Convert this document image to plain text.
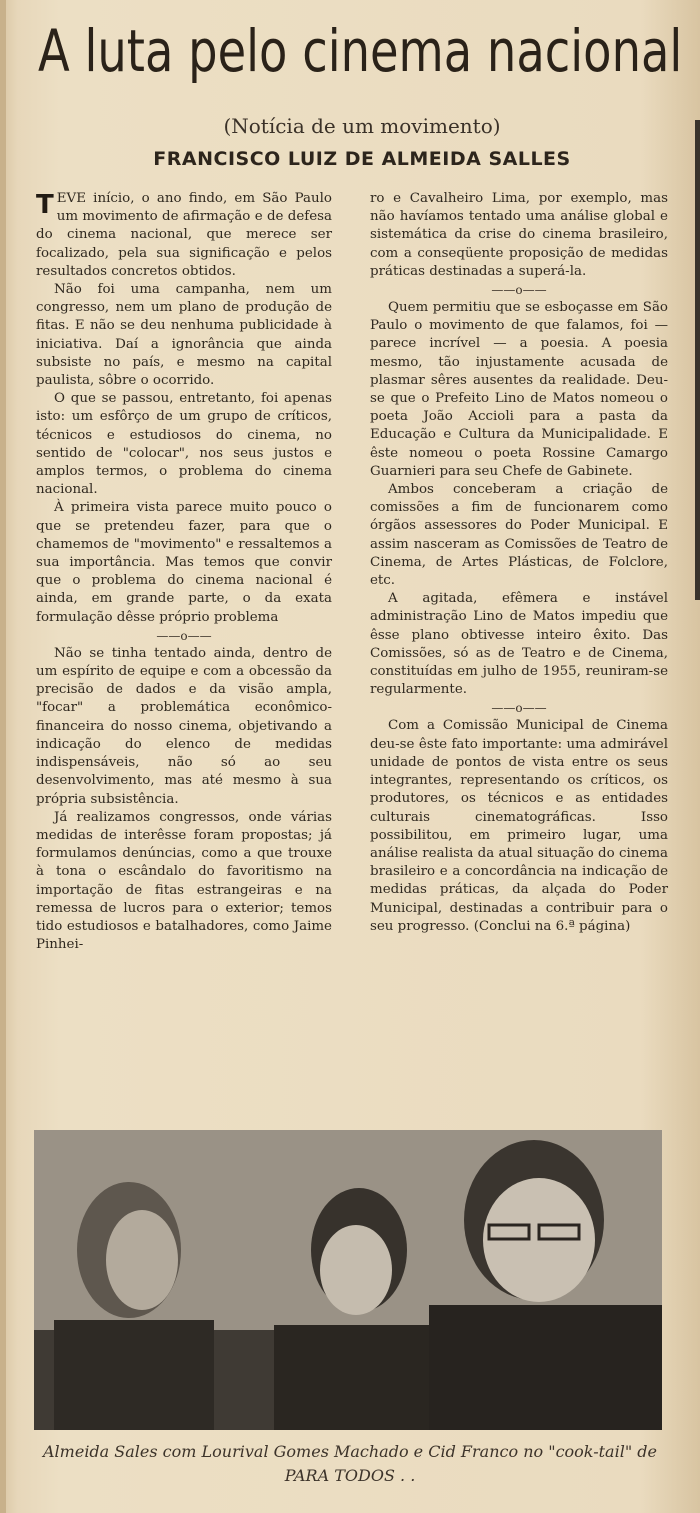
A luta pelo cinema nacional
(Notícia de um movimento)
FRANCISCO LUIZ DE ALMEIDA SALLES

T EVE início, o ano findo, em São Paulo um movimento de afirmação e de defesa do cinema nacional, que merece ser focalizado, pela sua significação e pelos resultados concretos obtidos.

Não foi uma campanha, nem um congresso, nem um plano de produção de fitas. E não se deu nenhuma publicidade à iniciativa. Daí a ignorância que ainda subsiste no país, e mesmo na capital paulista, sôbre o ocorrido.

O que se passou, entretanto, foi apenas isto: um esfôrço de um grupo de críticos, técnicos e estudiosos do cinema, no sentido de "colocar", nos seus justos e amplos termos, o problema do cinema nacional.

À primeira vista parece muito pouco o que se pretendeu fazer, para que o chamemos de "movimento" e ressaltemos a sua importância. Mas temos que convir que o problema do cinema nacional é ainda, em grande parte, o da exata formulação dêsse próprio problema

——o——

Não se tinha tentado ainda, dentro de um espírito de equipe e com a obcessão da precisão de dados e da visão ampla, "focar" a problemática econômico-financeira do nosso cinema, objetivando a indicação do elenco de medidas indispensáveis, não só ao seu desenvolvimento, mas até mesmo à sua própria subsistência.

Já realizamos congressos, onde várias medidas de interêsse foram propostas; já formulamos denúncias, como a que trouxe à tona o escândalo do favoritismo na importação de fitas estrangeiras e na remessa de lucros para o exterior; temos tido estudiosos e batalhadores, como Jaime Pinhei-

ro e Cavalheiro Lima, por exemplo, mas não havíamos tentado uma análise global e sistemática da crise do cinema brasileiro, com a conseqüente proposição de medidas práticas destinadas a superá-la.

——o——

Quem permitiu que se esboçasse em São Paulo o movimento de que falamos, foi — parece incrível — a poesia. A poesia mesmo, tão injustamente acusada de plasmar sêres ausentes da realidade. Deu-se que o Prefeito Lino de Matos nomeou o poeta João Accioli para a pasta da Educação e Cultura da Municipalidade. E êste nomeou o poeta Rossine Camargo Guarnieri para seu Chefe de Gabinete.

Ambos conceberam a criação de comissões a fim de funcionarem como órgãos assessores do Poder Municipal. E assim nasceram as Comissões de Teatro de Cinema, de Artes Plásticas, de Folclore, etc.

A agitada, efêmera e instável administração Lino de Matos impediu que êsse plano obtivesse inteiro êxito. Das Comissões, só as de Teatro e de Cinema, constituídas em julho de 1955, reuniram-se regularmente.

——o——

Com a Comissão Municipal de Cinema deu-se êste fato importante: uma admirável unidade de pontos de vista entre os seus integrantes, representando os críticos, os produtores, os técnicos e as entidades culturais cinematográficas. Isso possibilitou, em primeiro lugar, uma análise realista da atual situação do cinema brasileiro e a concordância na indicação de medidas práticas, da alçada do Poder Municipal, destinadas a contribuir para o seu progresso. (Conclui na 6.ª página)

Almeida Sales com Lourival Gomes Machado e Cid Franco no "cook-tail" de PARA TODOS . .
